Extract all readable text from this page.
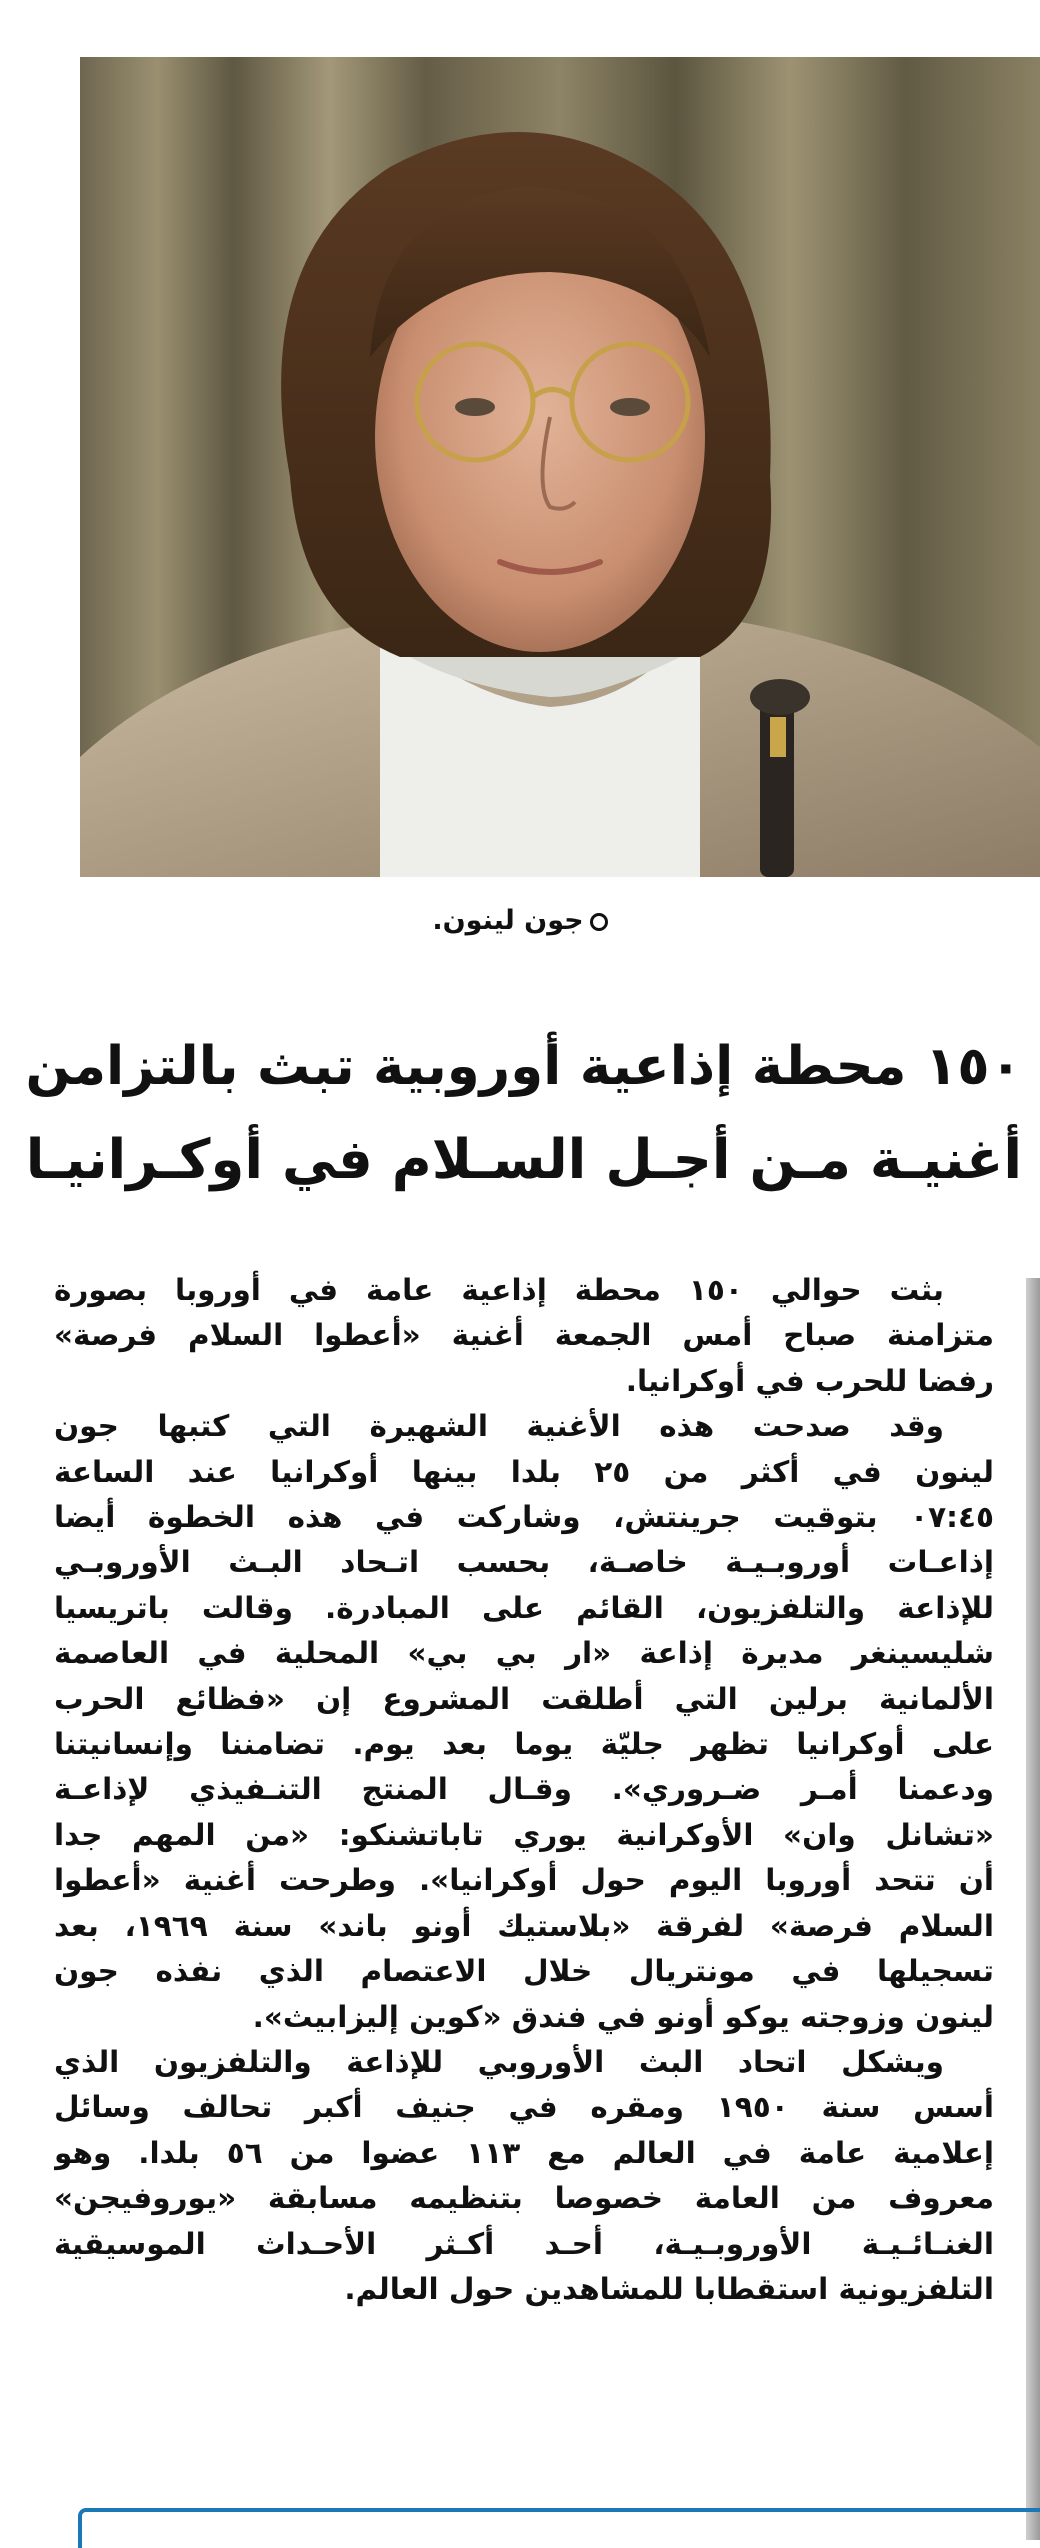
جون لينون.
١٥٠ محطة إذاعية أوروبية تبث بالتزامن
أغنيـة مـن أجـل السـلام في أوكـرانيـا
بثت حوالي ١٥٠ محطة إذاعية عامة في أوروبا بصورة
متزامنة صباح أمس الجمعة أغنية «أعطوا السلام فرصة»
رفضا للحرب في أوكرانيا.
وقد صدحت هذه الأغنية الشهيرة التي كتبها جون
لينون في أكثر من ٢٥ بلدا بينها أوكرانيا عند الساعة
٠٧:٤٥ بتوقيت جرينتش، وشاركت في هذه الخطوة أيضا
إذاعـات أوروبـيـة خاصـة، بحسب اتـحاد البـث الأوروبـي
للإذاعة والتلفزيون، القائم على المبادرة. وقالت باتريسيا
شليسينغر مديرة إذاعة «ار بي بي» المحلية في العاصمة
الألمانية برلين التي أطلقت المشروع إن «فظائع الحرب
على أوكرانيا تظهر جليّة يوما بعد يوم. تضامننا وإنسانيتنا
ودعمنا أمـر ضـروري». وقـال المنتج التنـفيذي لإذاعـة
«تشانل وان» الأوكرانية يوري تاباتشنكو: «من المهم جدا
أن تتحد أوروبا اليوم حول أوكرانيا». وطرحت أغنية «أعطوا
السلام فرصة» لفرقة «بلاستيك أونو باند» سنة ١٩٦٩، بعد
تسجيلها في مونتريال خلال الاعتصام الذي نفذه جون
لينون وزوجته يوكو أونو في فندق «كوين إليزابيث».
ويشكل اتحاد البث الأوروبي للإذاعة والتلفزيون الذي
أسس سنة ١٩٥٠ ومقره في جنيف أكبر تحالف وسائل
إعلامية عامة في العالم مع ١١٣ عضوا من ٥٦ بلدا. وهو
معروف من العامة خصوصا بتنظيمه مسابقة «يوروفيجن»
الغنـائـيـة الأوروبـيـة، أحـد أكـثر الأحـداث الموسيقية
التلفزيونية استقطابا للمشاهدين حول العالم.
